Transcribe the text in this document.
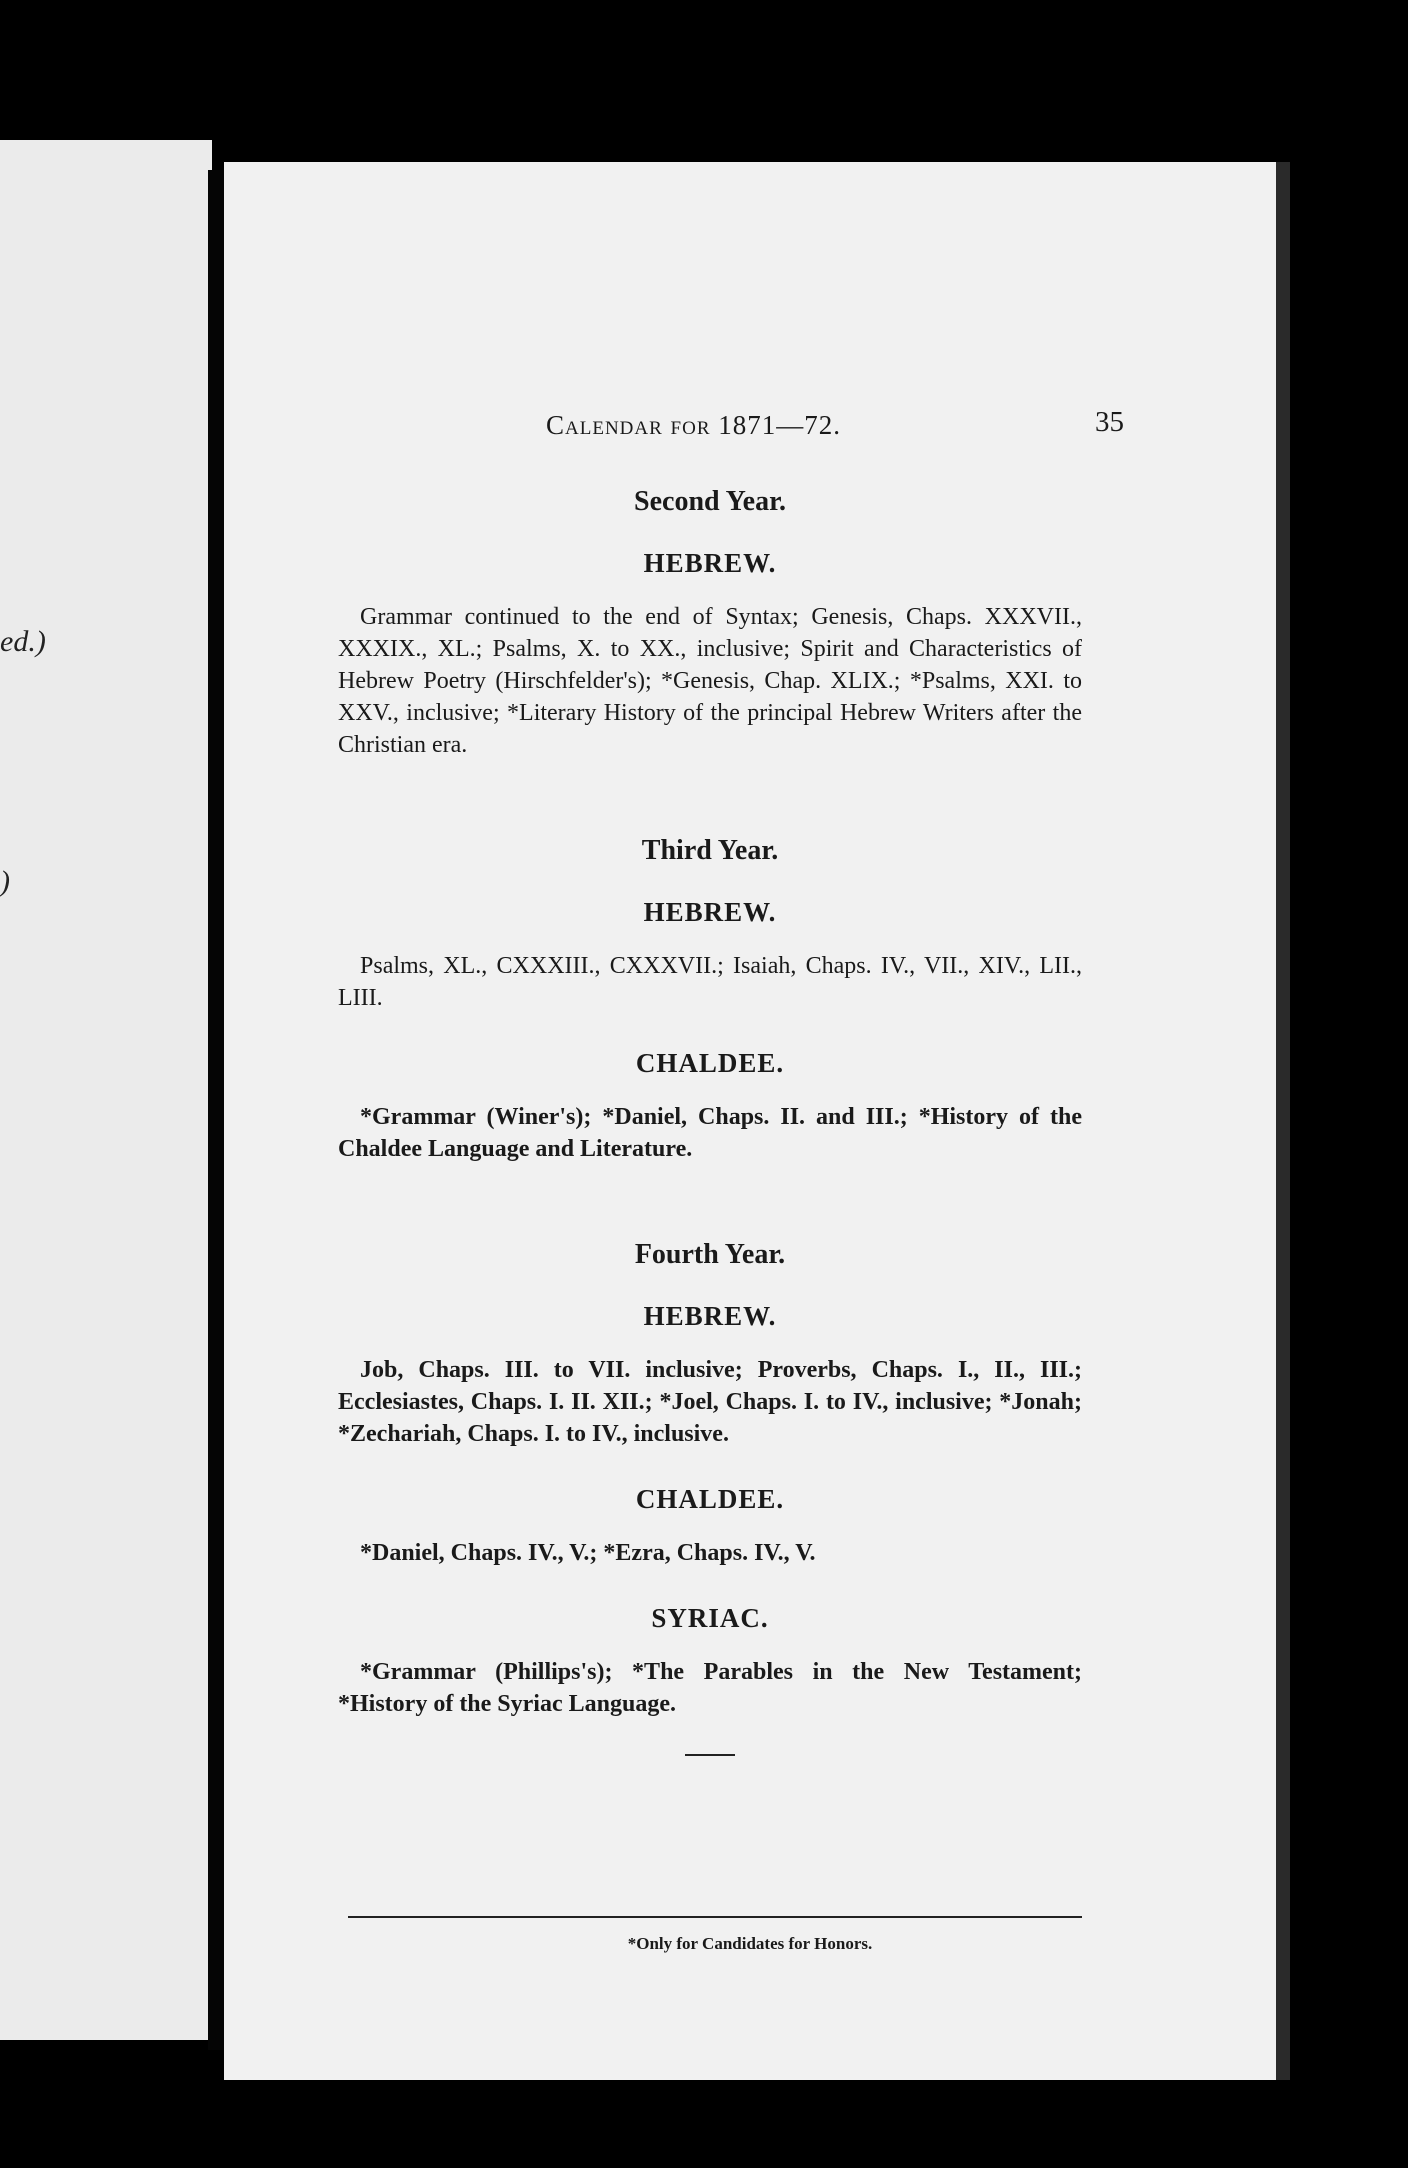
ed.)
)
Calendar for 1871—72.	35
Second Year.
HEBREW.

Grammar continued to the end of Syntax; Genesis, Chaps. XXXVII., XXXIX., XL.; Psalms, X. to XX., inclusive; Spirit and Characteristics of Hebrew Poetry (Hirschfelder's); *Genesis, Chap. XLIX.; *Psalms, XXI. to XXV., inclusive; *Literary History of the principal Hebrew Writers after the Christian era.

Third Year.
HEBREW.

Psalms, XL., CXXXIII., CXXXVII.; Isaiah, Chaps. IV., VII., XIV., LII., LIII.

CHALDEE.

*Grammar (Winer's); *Daniel, Chaps. II. and III.; *History of the Chaldee Language and Literature.

Fourth Year.
HEBREW.

Job, Chaps. III. to VII. inclusive; Proverbs, Chaps. I., II., III.; Ecclesiastes, Chaps. I. II. XII.; *Joel, Chaps. I. to IV., inclusive; *Jonah; *Zechariah, Chaps. I. to IV., inclusive.

CHALDEE.

*Daniel, Chaps. IV., V.; *Ezra, Chaps. IV., V.

SYRIAC.

*Grammar (Phillips's); *The Parables in the New Testament; *History of the Syriac Language.

*Only for Candidates for Honors.
